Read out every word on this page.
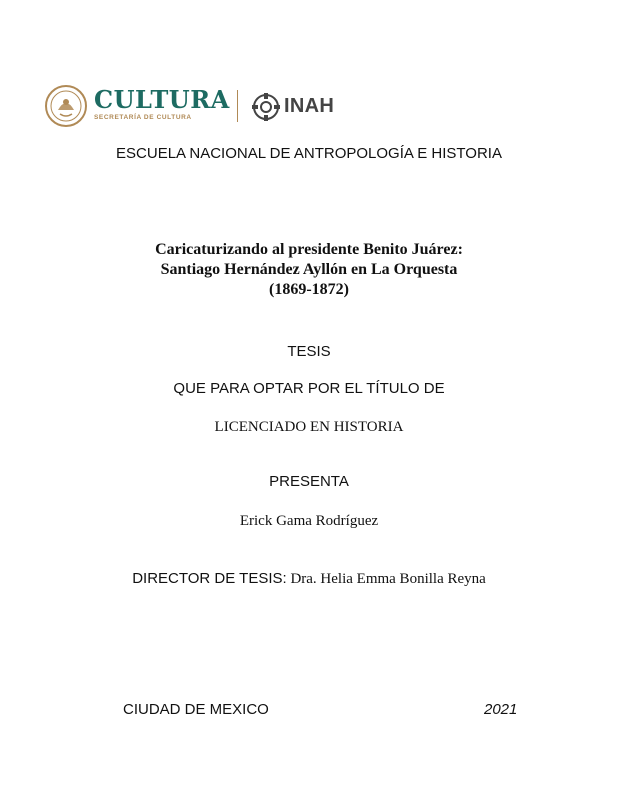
CULTURA
SECRETARÍA DE CULTURA
INAH
ESCUELA NACIONAL DE ANTROPOLOGÍA E HISTORIA
Caricaturizando al presidente Benito Juárez:
Santiago Hernández Ayllón en La Orquesta
(1869-1872)
TESIS
QUE PARA OPTAR POR EL TÍTULO DE
LICENCIADO EN HISTORIA
PRESENTA
Erick Gama Rodríguez
DIRECTOR DE TESIS: Dra. Helia Emma Bonilla Reyna
CIUDAD DE MEXICO	2021
